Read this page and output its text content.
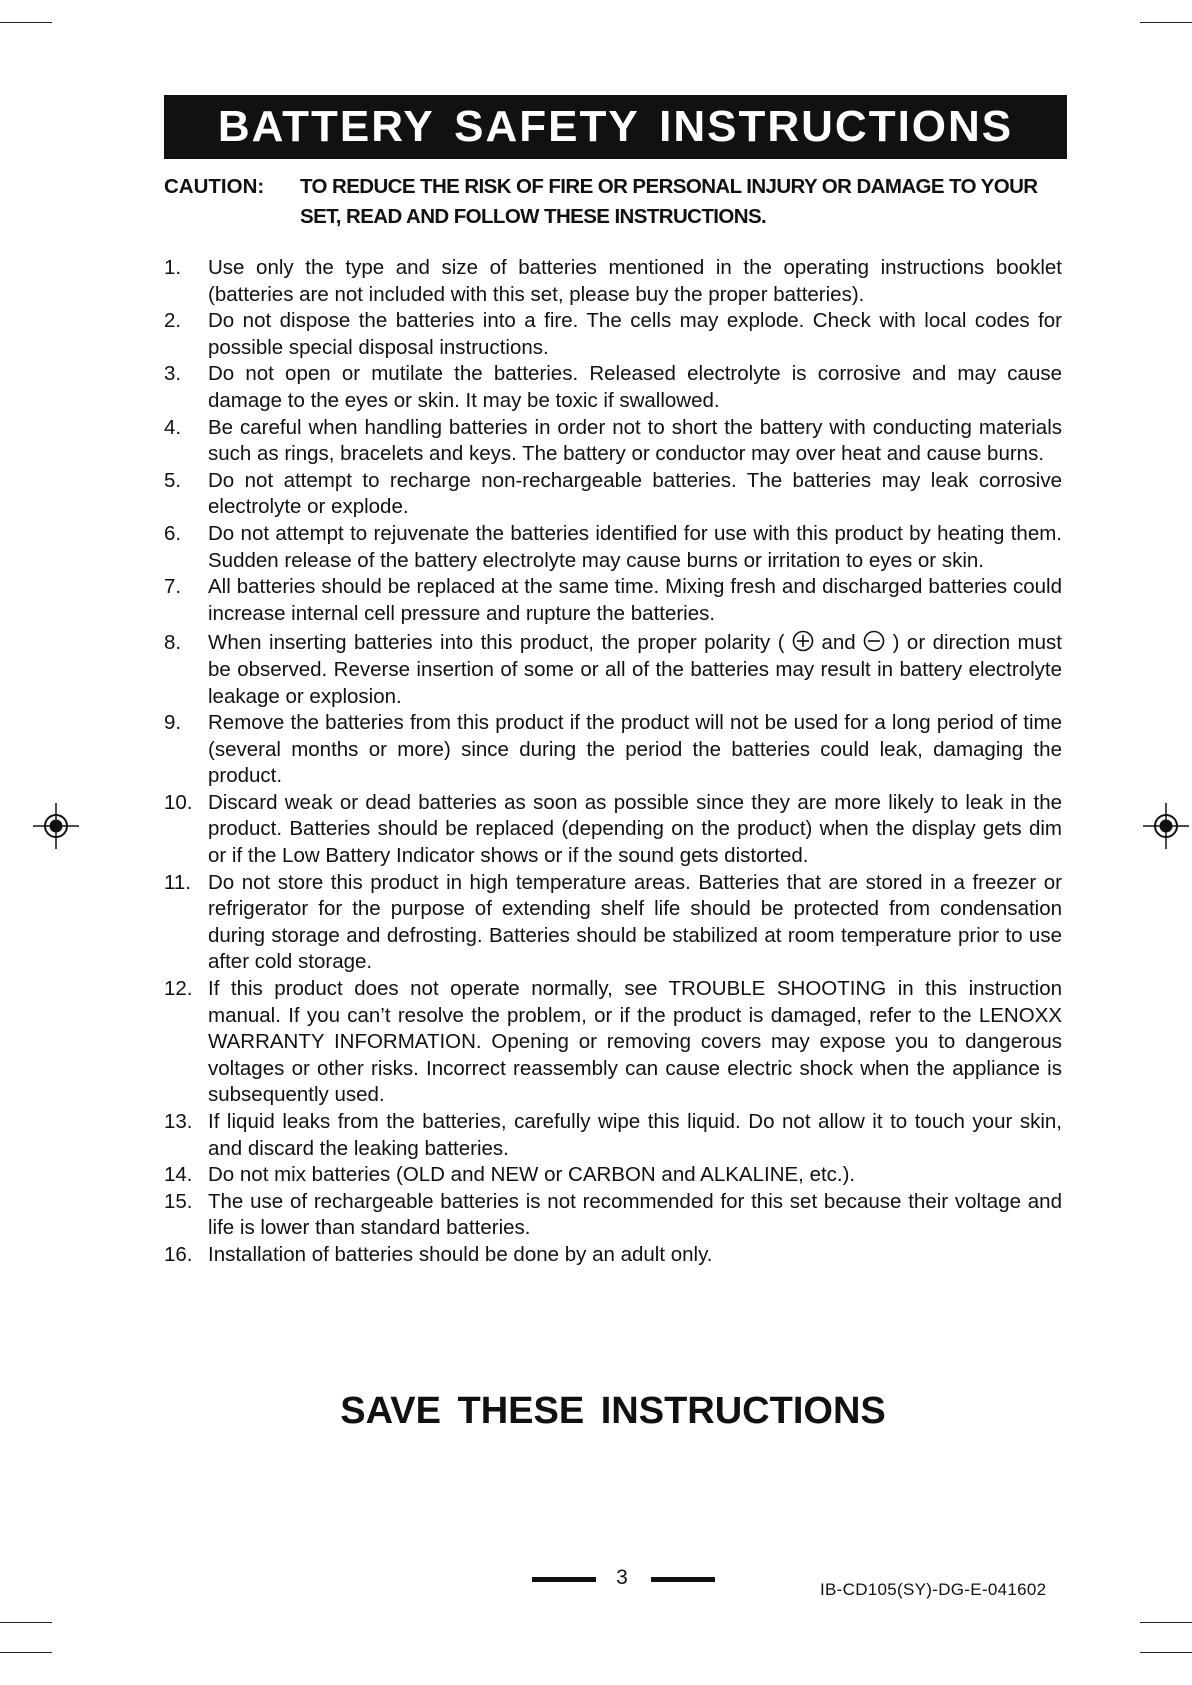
BATTERY SAFETY INSTRUCTIONS
CAUTION:	TO REDUCE THE RISK OF FIRE OR PERSONAL INJURY OR DAMAGE TO YOUR SET, READ AND FOLLOW THESE INSTRUCTIONS.
1.	Use only the type and size of batteries mentioned in the operating instructions booklet (batteries are not included with this set, please buy the proper batteries).
2.	Do not dispose the batteries into a fire. The cells may explode. Check with local codes for possible special disposal instructions.
3.	Do not open or mutilate the batteries. Released electrolyte is corrosive and may cause damage to the eyes or skin. It may be toxic if swallowed.
4.	Be careful when handling batteries in order not to short the battery with conducting materials such as rings, bracelets and keys. The battery or conductor may over heat and cause burns.
5.	Do not attempt to recharge non-rechargeable batteries. The batteries may leak corrosive electrolyte or explode.
6.	Do not attempt to rejuvenate the batteries identified for use with this product by heating them. Sudden release of the battery electrolyte may cause burns or irritation to eyes or skin.
7.	All batteries should be replaced at the same time. Mixing fresh and discharged batteries could increase internal cell pressure and rupture the batteries.
8.	When inserting batteries into this product, the proper polarity ( and ) or direction must be observed. Reverse insertion of some or all of the batteries may result in battery electrolyte leakage or explosion.
9.	Remove the batteries from this product if the product will not be used for a long period of time (several months or more) since during the period the batteries could leak, damaging the product.
10. Discard weak or dead batteries as soon as possible since they are more likely to leak in the product. Batteries should be replaced (depending on the product) when the display gets dim or if the Low Battery Indicator shows or if the sound gets distorted.
11. Do not store this product in high temperature areas. Batteries that are stored in a freezer or refrigerator for the purpose of extending shelf life should be protected from condensation during storage and defrosting. Batteries should be stabilized at room temperature prior to use after cold storage.
12. If this product does not operate normally, see TROUBLE SHOOTING in this instruction manual. If you can’t resolve the problem, or if the product is damaged, refer to the LENOXX WARRANTY INFORMATION. Opening or removing covers may expose you to dangerous voltages or other risks. Incorrect reassembly can cause electric shock when the appliance is subsequently used.
13. If liquid leaks from the batteries, carefully wipe this liquid. Do not allow it to touch your skin, and discard the leaking batteries.
14. Do not mix batteries (OLD and NEW or CARBON and ALKALINE, etc.).
15. The use of rechargeable batteries is not recommended for this set because their voltage and life is lower than standard batteries.
16. Installation of batteries should be done by an adult only.
SAVE THESE INSTRUCTIONS
3
IB-CD105(SY)-DG-E-041602
